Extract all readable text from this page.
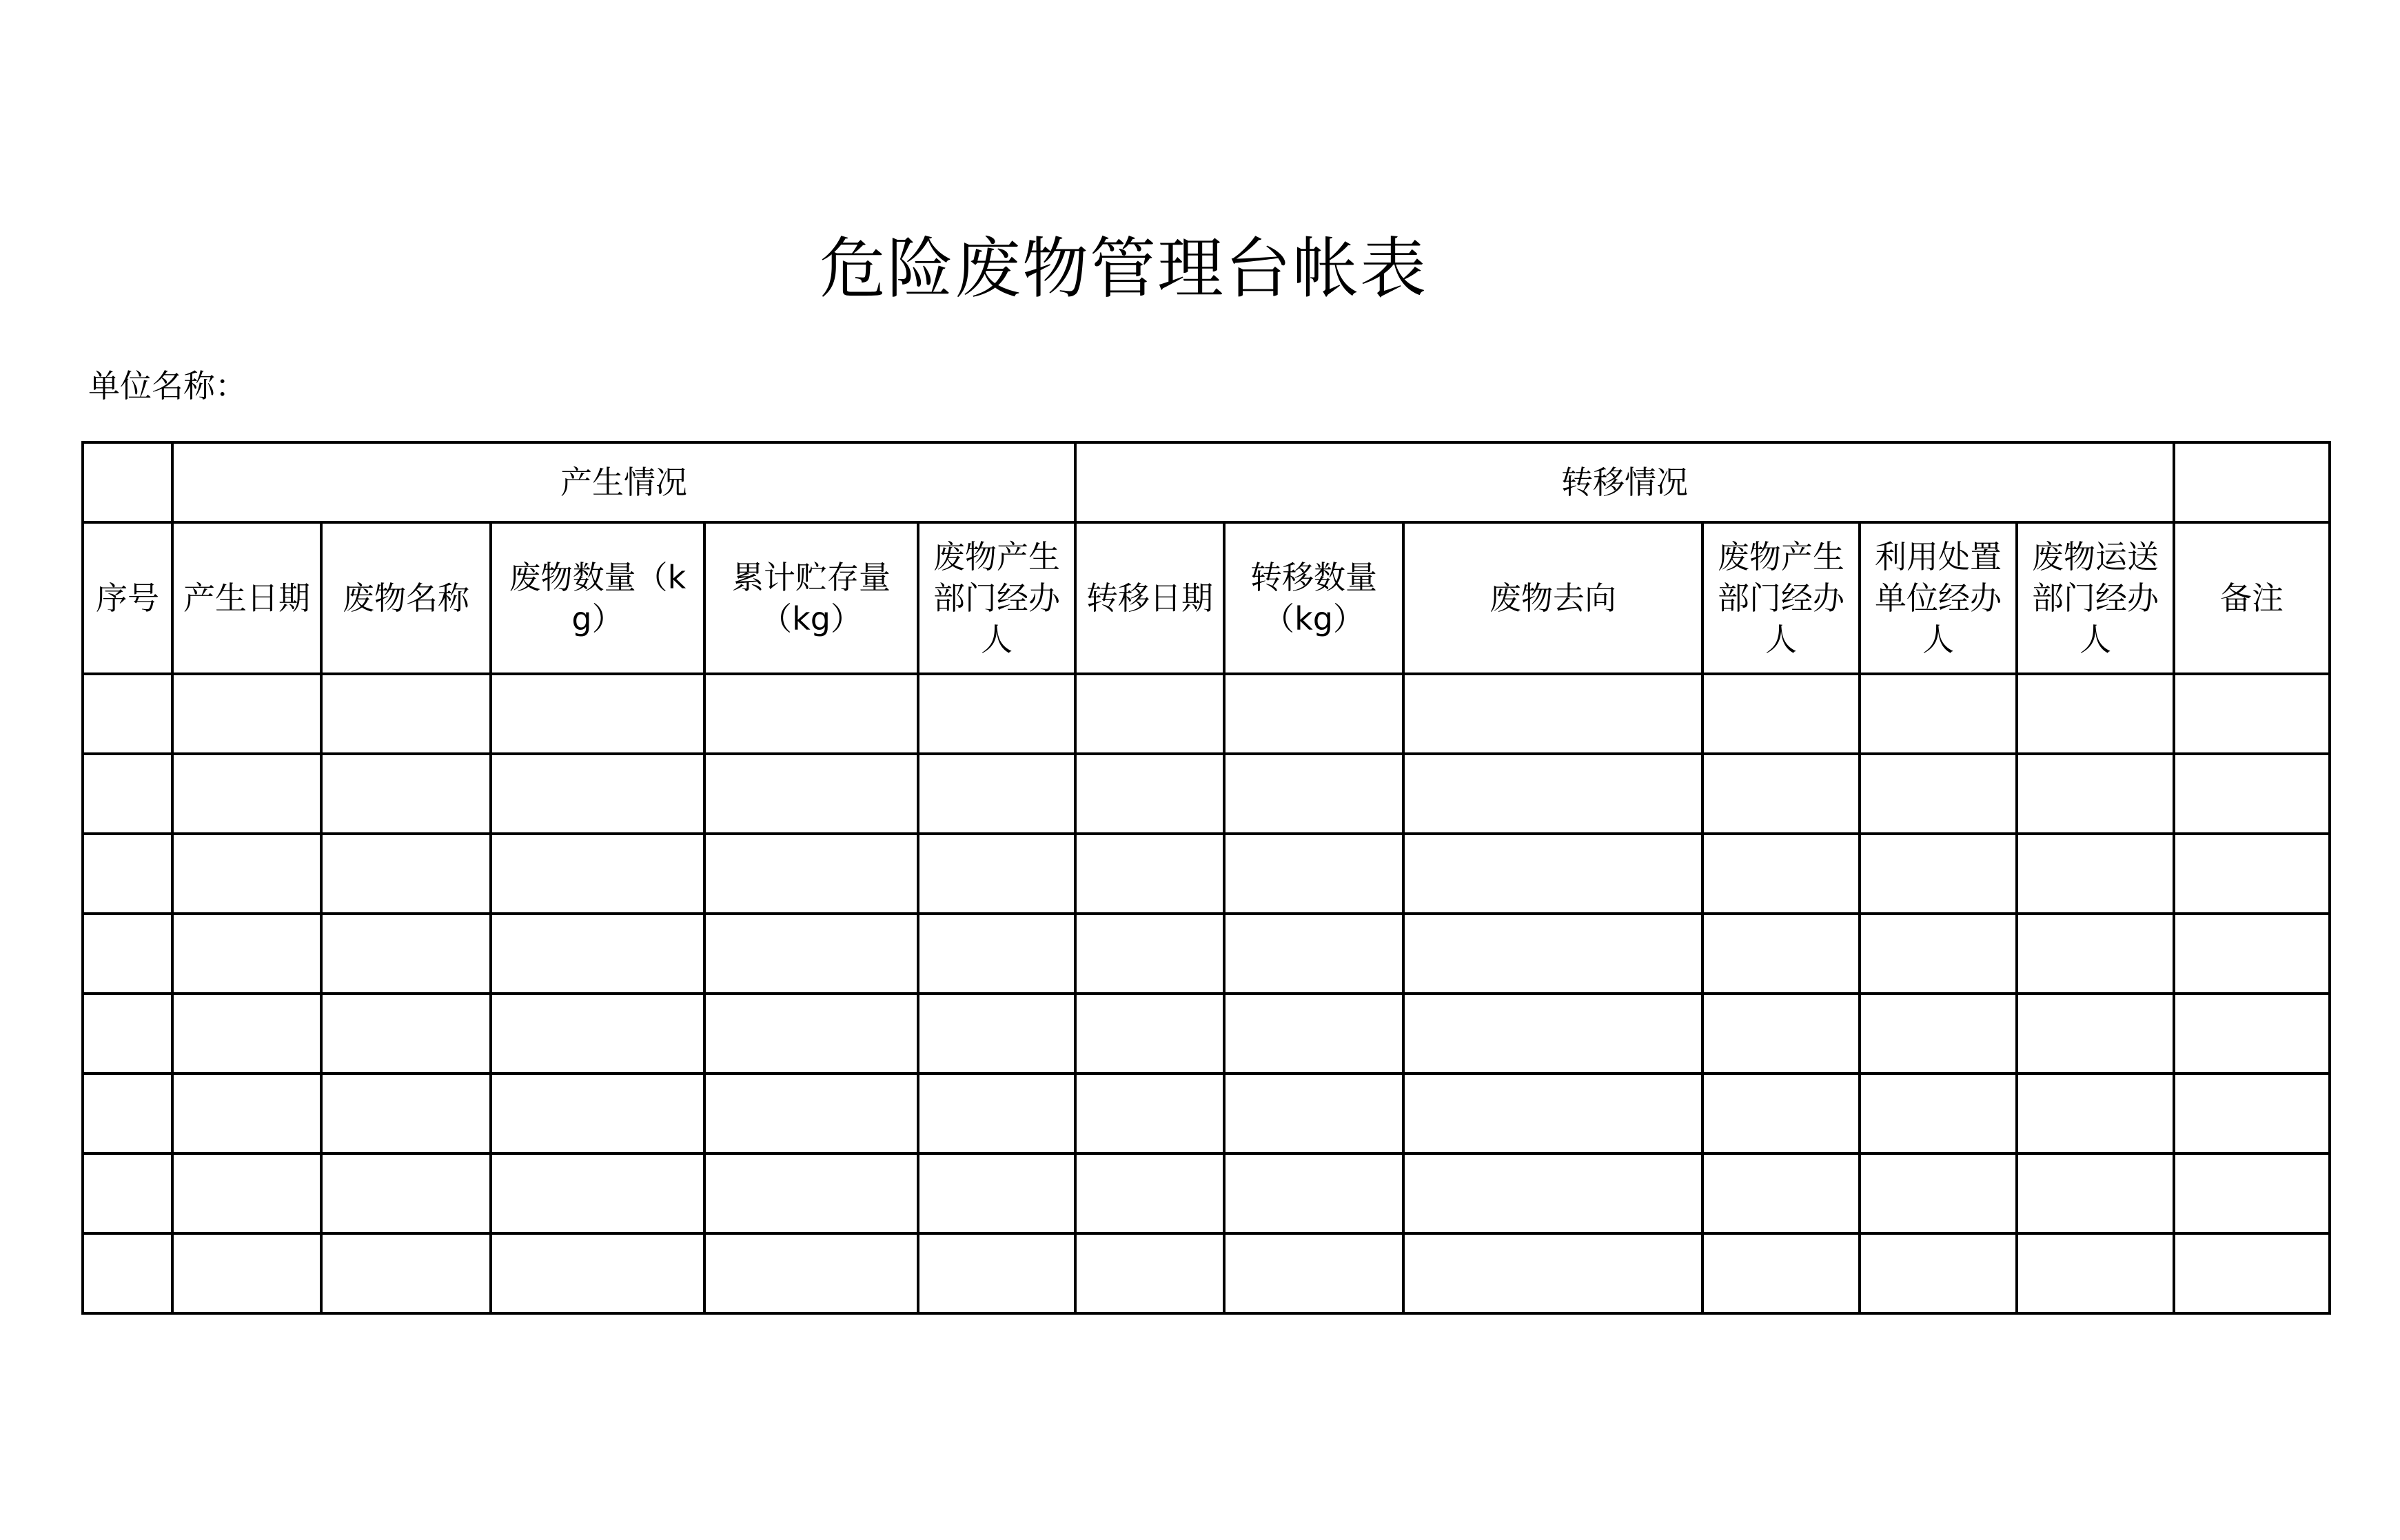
危险废物管理台帐表
单位名称：
	产生情况					转移情况						
序号	产生日期	废物名称	废物数量（kg）	累计贮存量（kg）	废物产生部门经办人	转移日期	转移数量（kg）	废物去向	废物产生部门经办人	利用处置单位经办人	废物运送部门经办人	备注
